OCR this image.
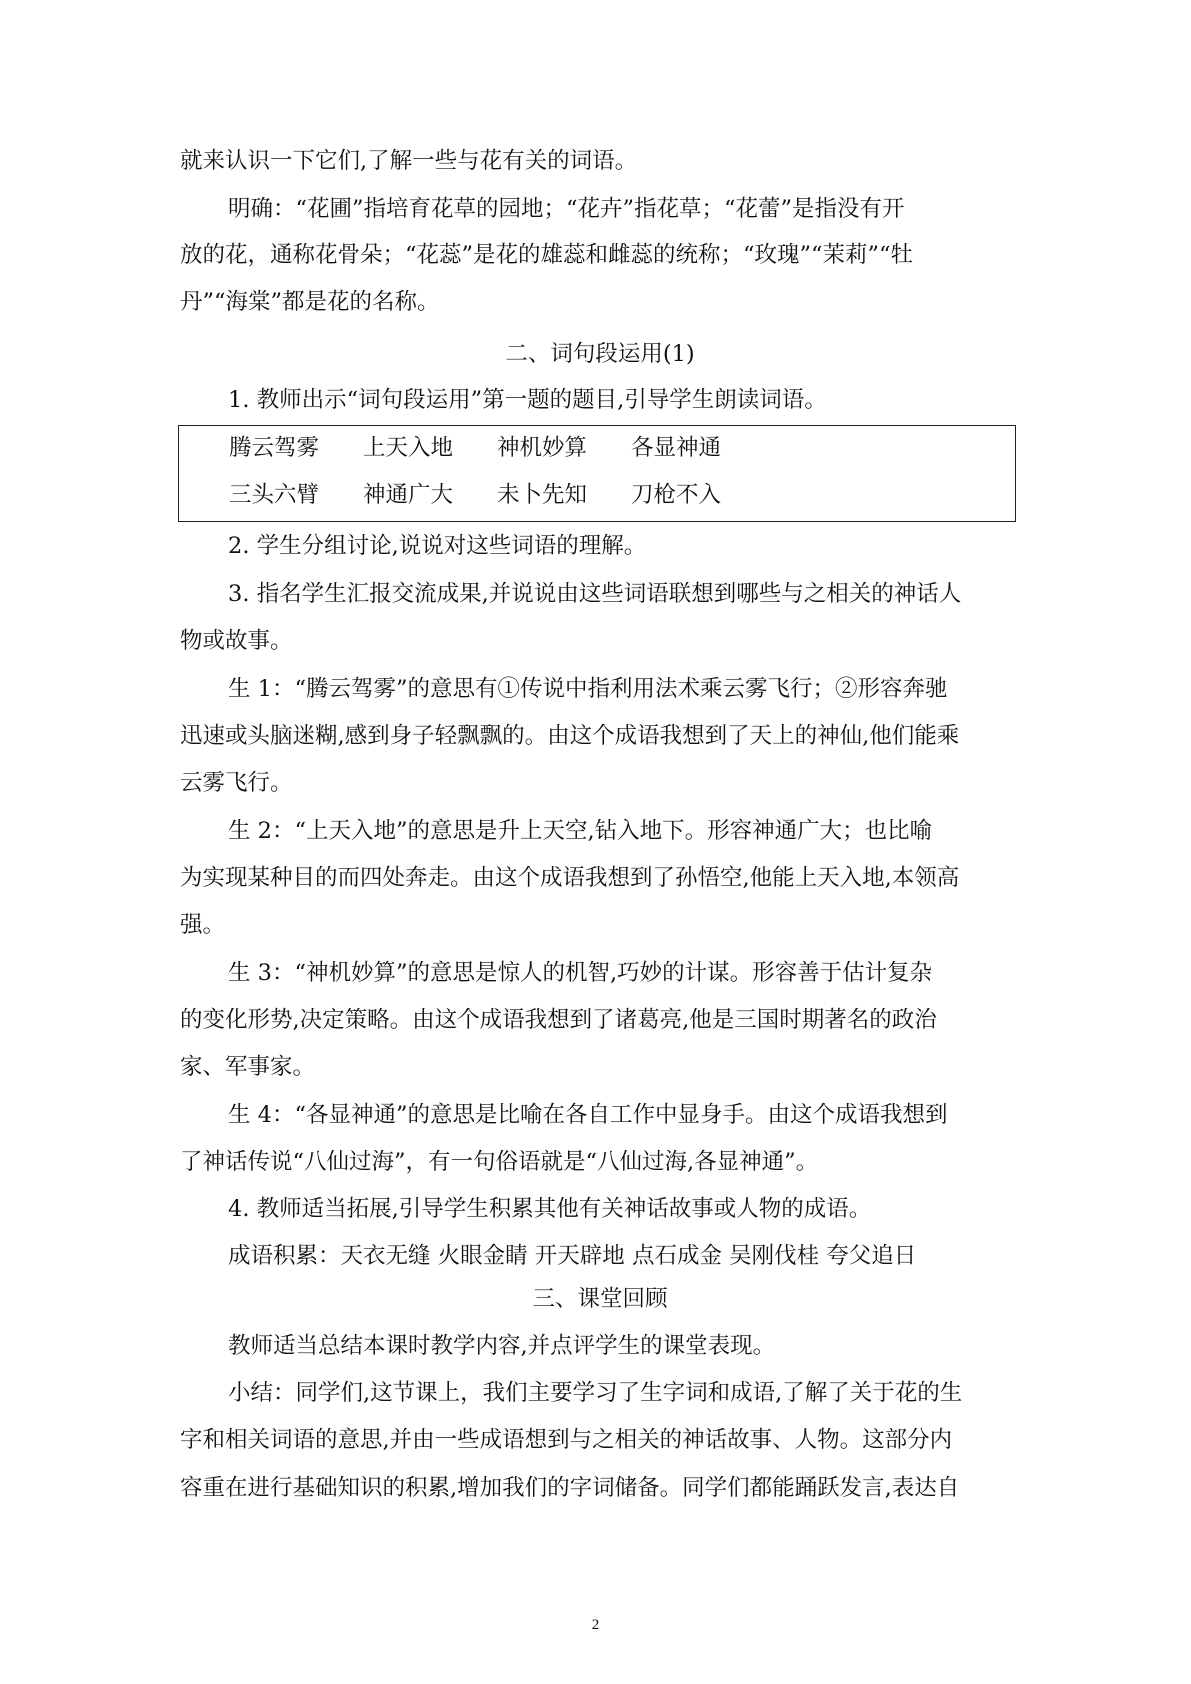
就来认识一下它们,了解一些与花有关的词语。
明确：“花圃”指培育花草的园地；“花卉”指花草；“花蕾”是指没有开
放的花，通称花骨朵；“花蕊”是花的雄蕊和雌蕊的统称；“玫瑰”“茉莉”“牡
丹”“海棠”都是花的名称。
二、词句段运用(1)
1. 教师出示“词句段运用”第一题的题目,引导学生朗读词语。
腾云驾雾	上天入地	神机妙算	各显神通
三头六臂	神通广大	未卜先知	刀枪不入
2. 学生分组讨论,说说对这些词语的理解。
3. 指名学生汇报交流成果,并说说由这些词语联想到哪些与之相关的神话人
物或故事。
生 1：“腾云驾雾”的意思有①传说中指利用法术乘云雾飞行；②形容奔驰
迅速或头脑迷糊,感到身子轻飘飘的。由这个成语我想到了天上的神仙,他们能乘
云雾飞行。
生 2：“上天入地”的意思是升上天空,钻入地下。形容神通广大；也比喻
为实现某种目的而四处奔走。由这个成语我想到了孙悟空,他能上天入地,本领高
强。
生 3：“神机妙算”的意思是惊人的机智,巧妙的计谋。形容善于估计复杂
的变化形势,决定策略。由这个成语我想到了诸葛亮,他是三国时期著名的政治
家、军事家。
生 4：“各显神通”的意思是比喻在各自工作中显身手。由这个成语我想到
了神话传说“八仙过海”，有一句俗语就是“八仙过海,各显神通”。
4. 教师适当拓展,引导学生积累其他有关神话故事或人物的成语。
成语积累：天衣无缝 火眼金睛 开天辟地 点石成金 吴刚伐桂 夸父追日
三、课堂回顾
教师适当总结本课时教学内容,并点评学生的课堂表现。
小结：同学们,这节课上，我们主要学习了生字词和成语,了解了关于花的生
字和相关词语的意思,并由一些成语想到与之相关的神话故事、人物。这部分内
容重在进行基础知识的积累,增加我们的字词储备。同学们都能踊跃发言,表达自
2
